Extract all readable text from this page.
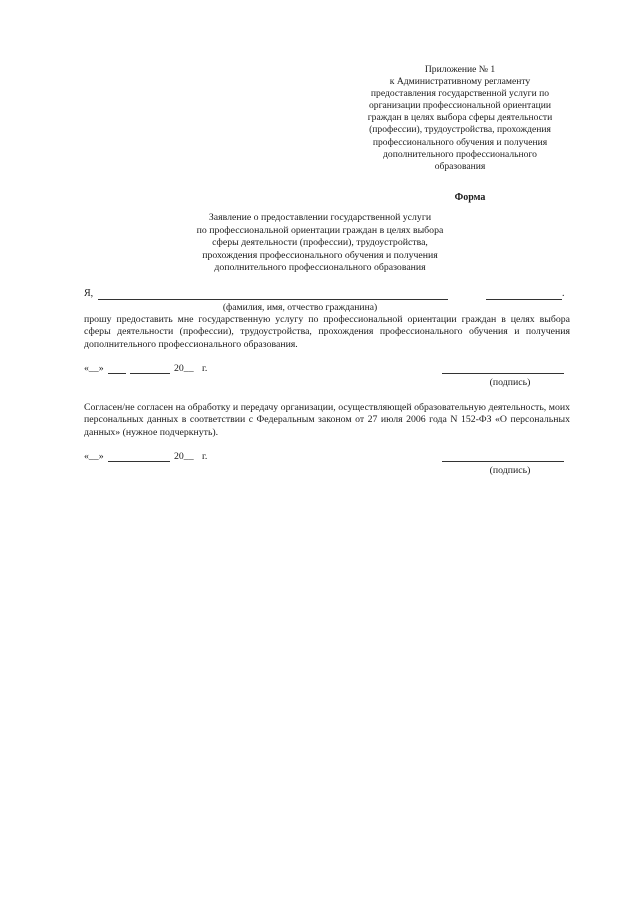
Приложение № 1
к Административному регламенту
предоставления государственной услуги по
организации профессиональной ориентации
граждан в целях выбора сферы деятельности
(профессии), трудоустройства, прохождения
профессионального обучения и получения
дополнительного профессионального
образования
Форма
Заявление о предоставлении государственной услуги
по профессиональной ориентации граждан в целях выбора
сферы деятельности (профессии), трудоустройства,
прохождения профессионального обучения и получения
дополнительного профессионального образования
Я,	.
(фамилия, имя, отчество гражданина)
прошу предоставить мне государственную услугу по профессиональной ориентации граждан в целях выбора сферы деятельности (профессии), трудоустройства, прохождения профессионального обучения и получения дополнительного профессионального образования.
«__»	20__ г.
(подпись)
Согласен/не согласен на обработку и передачу организации, осуществляющей образовательную деятельность, моих персональных данных в соответствии с Федеральным законом от 27 июля 2006 года N 152-ФЗ «О персональных данных» (нужное подчеркнуть).
«__»	20__ г.
(подпись)
